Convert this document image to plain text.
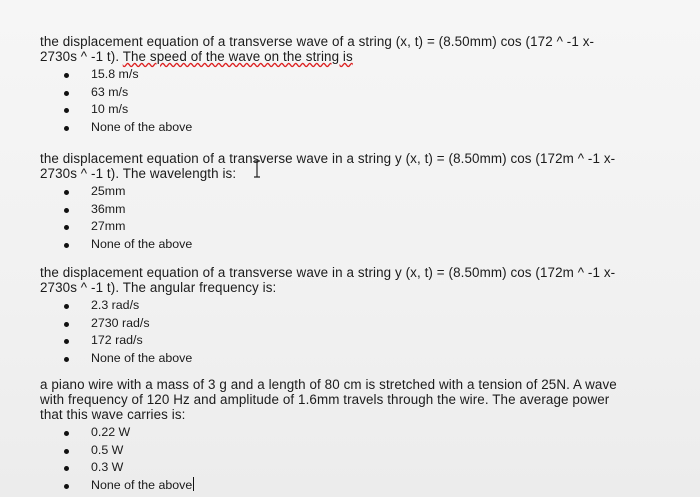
the displacement equation of a transverse wave of a string (x, t) = (8.50mm) cos (172 ^ -1 x-
2730s ^ -1 t). The speed of the wave on the string is
15.8 m/s
63 m/s
10 m/s
None of the above
the displacement equation of a transverse wave in a string y (x, t) = (8.50mm) cos (172m ^ -1 x-
2730s ^ -1 t). The wavelength is:
25mm
36mm
27mm
None of the above
the displacement equation of a transverse wave in a string y (x, t) = (8.50mm) cos (172m ^ -1 x-
2730s ^ -1 t). The angular frequency is:
2.3 rad/s
2730 rad/s
172 rad/s
None of the above
a piano wire with a mass of 3 g and a length of 80 cm is stretched with a tension of 25N. A wave
with frequency of 120 Hz and amplitude of 1.6mm travels through the wire. The average power
that this wave carries is:
0.22 W
0.5 W
0.3 W
None of the above
